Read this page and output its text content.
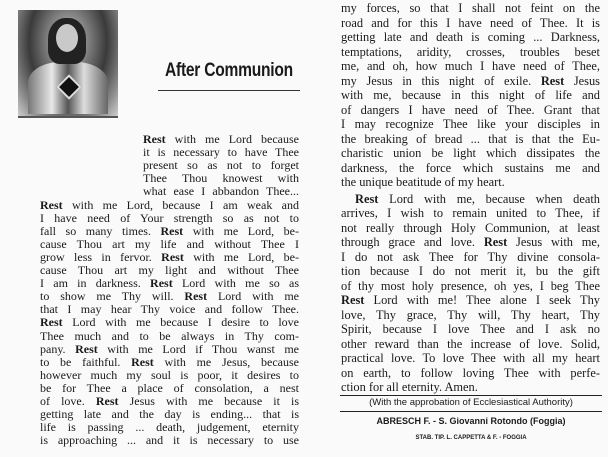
After Communion
Rest with me Lord because
it is necessary to have Thee
present so as not to forget
Thee Thou knowest with
what ease I abbandon Thee...
Rest with me Lord, because I am weak and
I have need of Your strength so as not to
fall so many times. Rest with me Lord, be-
cause Thou art my life and without Thee I
grow less in fervor. Rest with me Lord, be-
cause Thou art my light and without Thee
I am in darkness. Rest Lord with me so as
to show me Thy will. Rest Lord with me
that I may hear Thy voice and follow Thee.
Rest Lord with me because I desire to love
Thee much and to be always in Thy com-
pany. Rest with me Lord if Thou wanst me
to be faithful. Rest with me Jesus, because
however much my soul is poor, it desires to
be for Thee a place of consolation, a nest
of love. Rest Jesus with me because it is
getting late and the day is ending... that is
life is passing ... death, judgement, eternity
is approaching ... and it is necessary to use
my forces, so that I shall not feint on the
road and for this I have need of Thee. It is
getting late and death is coming ... Darkness,
temptations, aridity, crosses, troubles beset
me, and oh, how much I have need of Thee,
my Jesus in this night of exile. Rest Jesus
with me, because in this night of life and
of dangers I have need of Thee. Grant that
I may recognize Thee like your disciples in
the breaking of bread ... that is that the Eu-
charistic union be light which dissipates the
darkness, the force which sustains me and
the unique beatitude of my heart.
Rest Lord with me, because when death
arrives, I wish to remain united to Thee, if
not really through Holy Communion, at least
through grace and love. Rest Jesus with me,
I do not ask Thee for Thy divine consola-
tion because I do not merit it, bu the gift
of thy most holy presence, oh yes, I beg Thee
Rest Lord with me! Thee alone I seek Thy
love, Thy grace, Thy will, Thy heart, Thy
Spirit, because I love Thee and I ask no
other reward than the increase of love. Solid,
practical love. To love Thee with all my heart
on earth, to follow loving Thee with perfe-
ction for all eternity. Amen.
(With the approbation of Ecclesiastical Authority)
ABRESCH F. - S. Giovanni Rotondo (Foggia)
STAB. TIP. L. CAPPETTA & F. - FOGGIA
